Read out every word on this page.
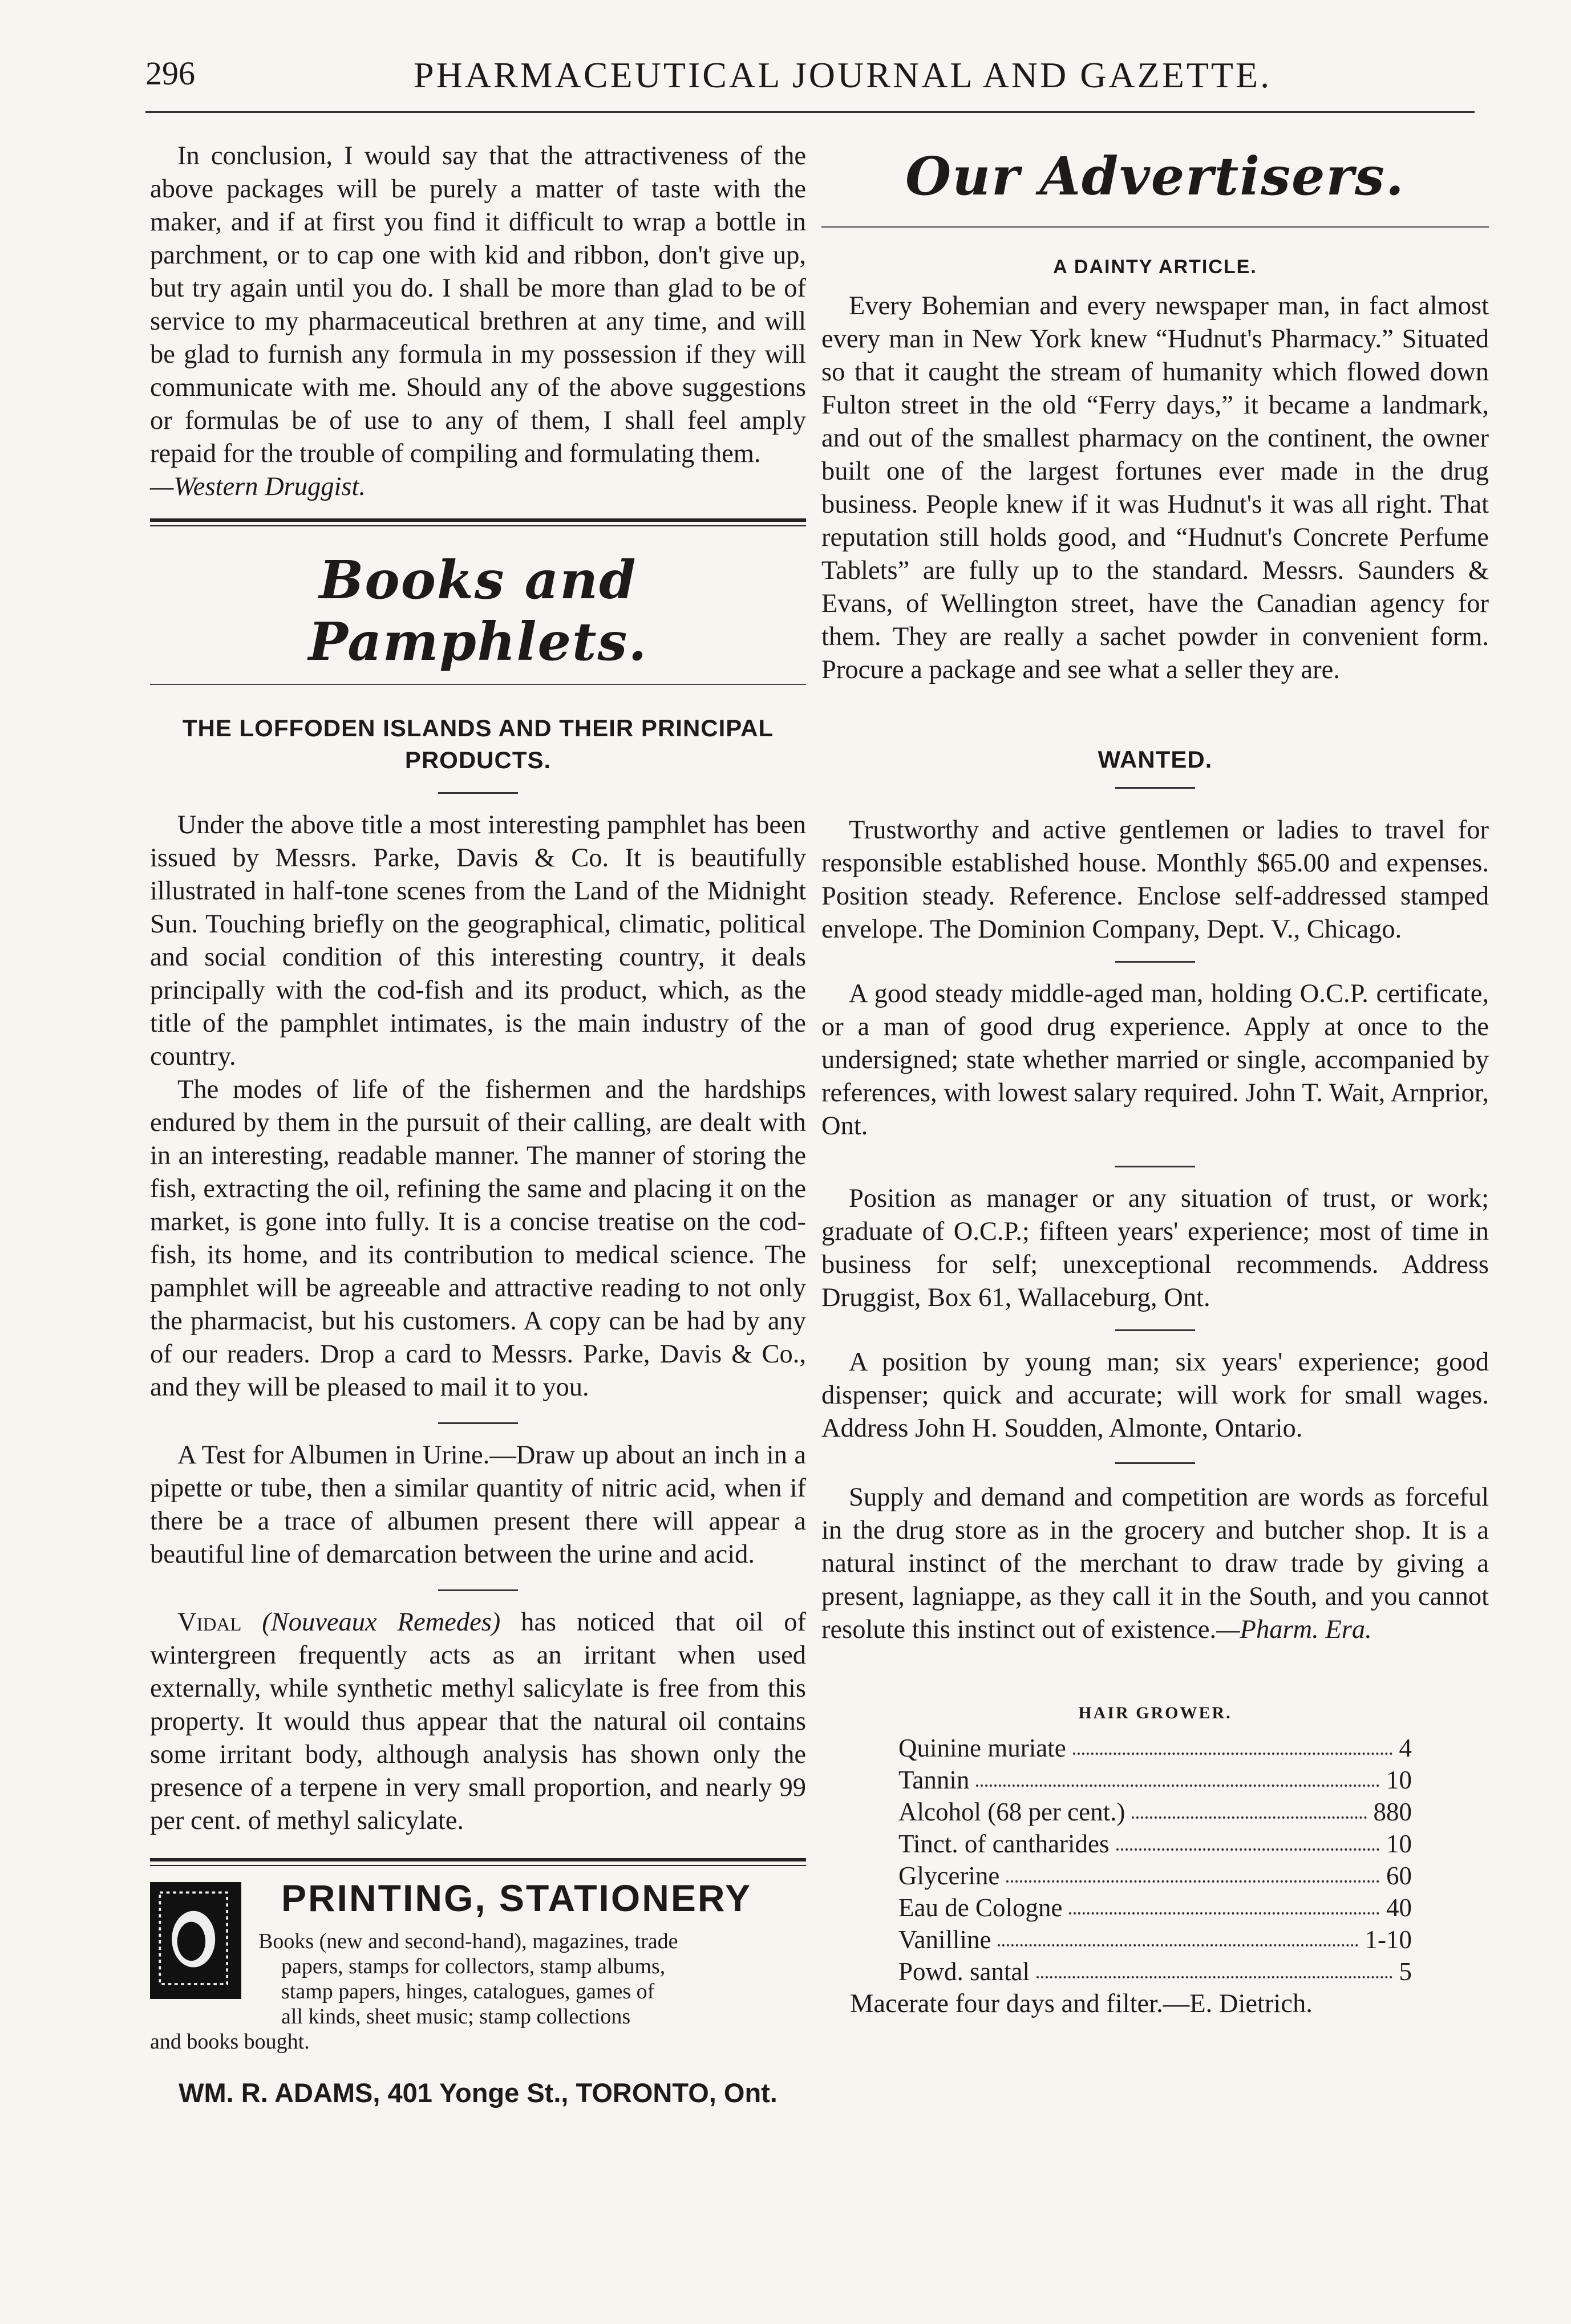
296	PHARMACEUTICAL JOURNAL AND GAZETTE.

In conclusion, I would say that the attractiveness of the above packages will be purely a matter of taste with the maker, and if at first you find it difficult to wrap a bottle in parchment, or to cap one with kid and ribbon, don't give up, but try again until you do. I shall be more than glad to be of service to my pharmaceutical brethren at any time, and will be glad to furnish any formula in my possession if they will communicate with me. Should any of the above suggestions or formulas be of use to any of them, I shall feel amply repaid for the trouble of compiling and formulating them.

—Western Druggist.

Books and Pamphlets.
THE LOFFODEN ISLANDS AND THEIR PRINCIPAL PRODUCTS.

Under the above title a most interesting pamphlet has been issued by Messrs. Parke, Davis & Co. It is beautifully illustrated in half-tone scenes from the Land of the Midnight Sun. Touching briefly on the geographical, climatic, political and social condition of this interesting country, it deals principally with the cod-fish and its product, which, as the title of the pamphlet intimates, is the main industry of the country.

The modes of life of the fishermen and the hardships endured by them in the pursuit of their calling, are dealt with in an interesting, readable manner. The manner of storing the fish, extracting the oil, refining the same and placing it on the market, is gone into fully. It is a concise treatise on the cod-fish, its home, and its contribution to medical science. The pamphlet will be agreeable and attractive reading to not only the pharmacist, but his customers. A copy can be had by any of our readers. Drop a card to Messrs. Parke, Davis & Co., and they will be pleased to mail it to you.

A Test for Albumen in Urine.—Draw up about an inch in a pipette or tube, then a similar quantity of nitric acid, when if there be a trace of albumen present there will appear a beautiful line of demarcation between the urine and acid.

Vidal (Nouveaux Remedes) has noticed that oil of wintergreen frequently acts as an irritant when used externally, while synthetic methyl salicylate is free from this property. It would thus appear that the natural oil contains some irritant body, although analysis has shown only the presence of a terpene in very small proportion, and nearly 99 per cent. of methyl salicylate.

PRINTING, STATIONERY
Books (new and second-hand), magazines, trade
papers, stamps for collectors, stamp albums,
stamp papers, hinges, catalogues, games of
all kinds, sheet music; stamp collections
and books bought.
WM. R. ADAMS, 401 Yonge St., TORONTO, Ont.
Our Advertisers.
A DAINTY ARTICLE.

Every Bohemian and every newspaper man, in fact almost every man in New York knew “Hudnut's Pharmacy.” Situated so that it caught the stream of humanity which flowed down Fulton street in the old “Ferry days,” it became a landmark, and out of the smallest pharmacy on the continent, the owner built one of the largest fortunes ever made in the drug business. People knew if it was Hudnut's it was all right. That reputation still holds good, and “Hudnut's Concrete Perfume Tablets” are fully up to the standard. Messrs. Saunders & Evans, of Wellington street, have the Canadian agency for them. They are really a sachet powder in convenient form. Procure a package and see what a seller they are.

WANTED.

Trustworthy and active gentlemen or ladies to travel for responsible established house. Monthly $65.00 and expenses. Position steady. Reference. Enclose self-addressed stamped envelope. The Dominion Company, Dept. V., Chicago.

A good steady middle-aged man, holding O.C.P. certificate, or a man of good drug experience. Apply at once to the undersigned; state whether married or single, accompanied by references, with lowest salary required. John T. Wait, Arnprior, Ont.

Position as manager or any situation of trust, or work; graduate of O.C.P.; fifteen years' experience; most of time in business for self; unexceptional recommends. Address Druggist, Box 61, Wallaceburg, Ont.

A position by young man; six years' experience; good dispenser; quick and accurate; will work for small wages. Address John H. Soudden, Almonte, Ontario.

Supply and demand and competition are words as forceful in the drug store as in the grocery and butcher shop. It is a natural instinct of the merchant to draw trade by giving a present, lagniappe, as they call it in the South, and you cannot resolute this instinct out of existence.—Pharm. Era.

HAIR GROWER.
Quinine muriate	4
Tannin	10
Alcohol (68 per cent.)	880
Tinct. of cantharides	10
Glycerine	60
Eau de Cologne	40
Vanilline	1-10
Powd. santal	5

Macerate four days and filter.—E. Dietrich.
